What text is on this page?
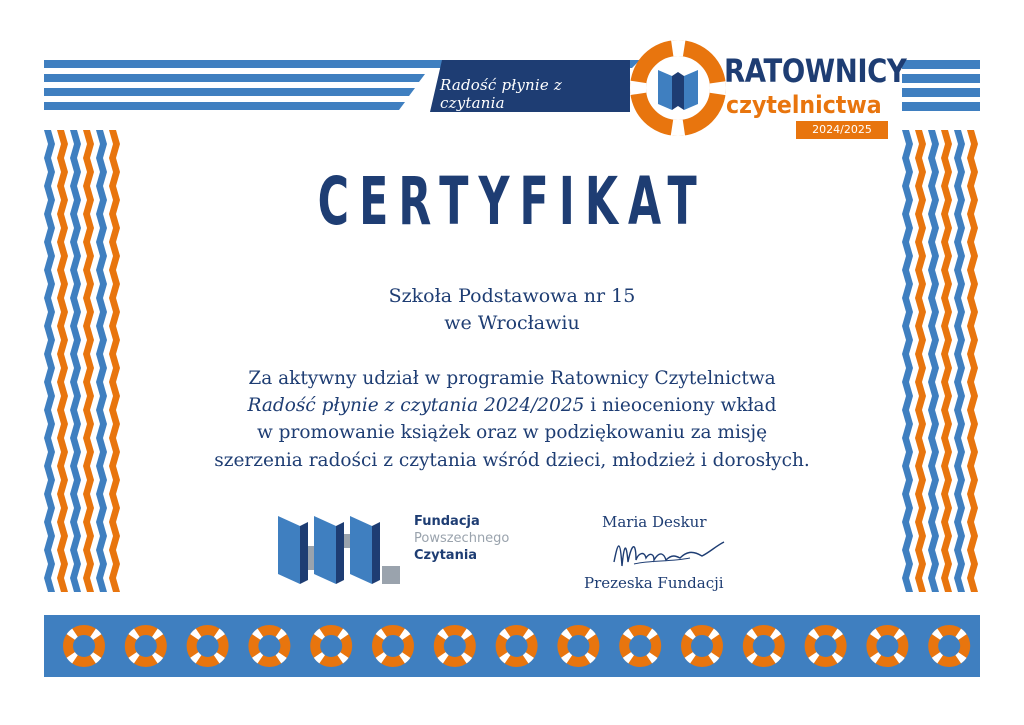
Radość płynie z czytania
RATOWNICY
czytelnictwa
2024/2025
CERTYFIKAT
Szkoła Podstawowa nr 15
we Wrocławiu
Za aktywny udział w programie Ratownicy Czytelnictwa
Radość płynie z czytania 2024/2025 i nieoceniony wkład
w promowanie książek oraz w podziękowaniu za misję
szerzenia radości z czytania wśród dzieci, młodzież i dorosłych.
Fundacja
Powszechnego
Czytania
Maria Deskur
Prezeska Fundacji
